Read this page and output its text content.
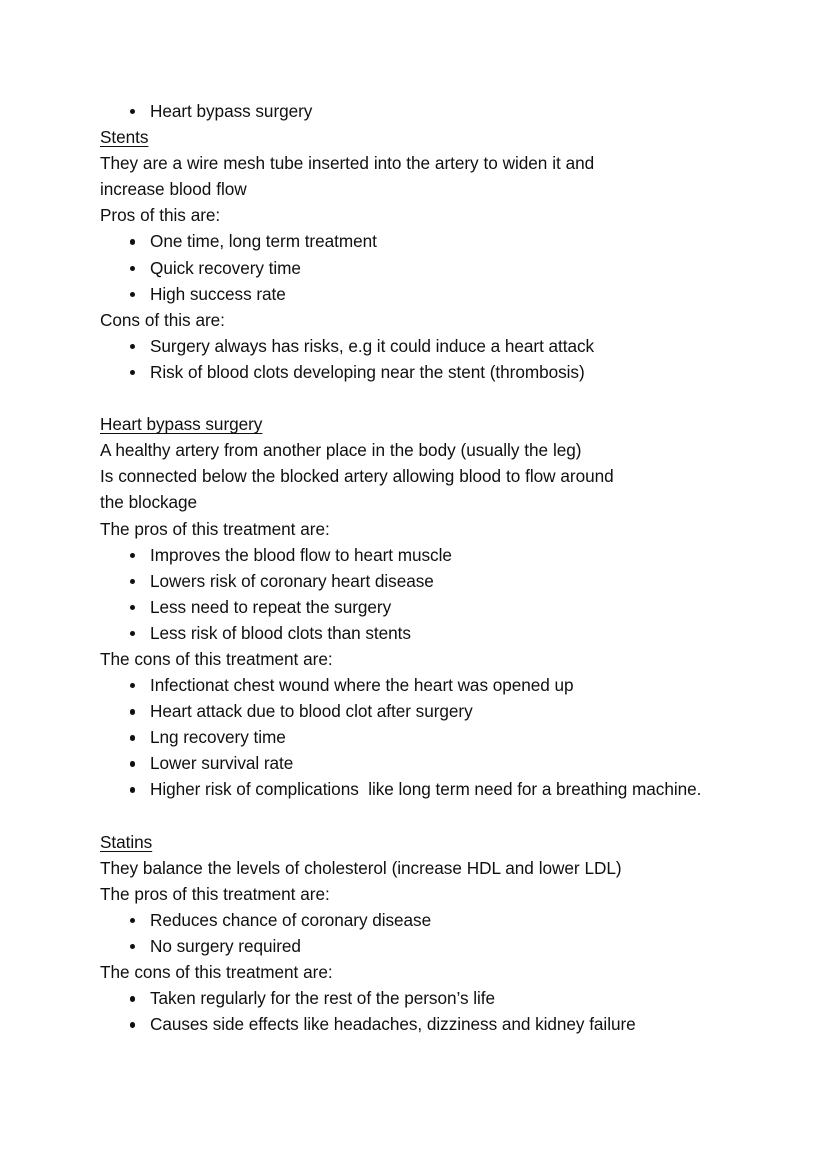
Heart bypass surgery

Stents

They are a wire mesh tube inserted into the artery to widen it and

increase blood flow

Pros of this are:

One time, long term treatment
Quick recovery time
High success rate

Cons of this are:

Surgery always has risks, e.g it could induce a heart attack
Risk of blood clots developing near the stent (thrombosis)

Heart bypass surgery

A healthy artery from another place in the body (usually the leg)

Is connected below the blocked artery allowing blood to flow around

the blockage

The pros of this treatment are:

Improves the blood flow to heart muscle
Lowers risk of coronary heart disease
Less need to repeat the surgery
Less risk of blood clots than stents

The cons of this treatment are:

Infectionat chest wound where the heart was opened up
Heart attack due to blood clot after surgery
Lng recovery time
Lower survival rate
Higher risk of complications  like long term need for a breathing machine.

Statins

They balance the levels of cholesterol (increase HDL and lower LDL)

The pros of this treatment are:

Reduces chance of coronary disease
No surgery required

The cons of this treatment are:

Taken regularly for the rest of the person’s life
Causes side effects like headaches, dizziness and kidney failure
